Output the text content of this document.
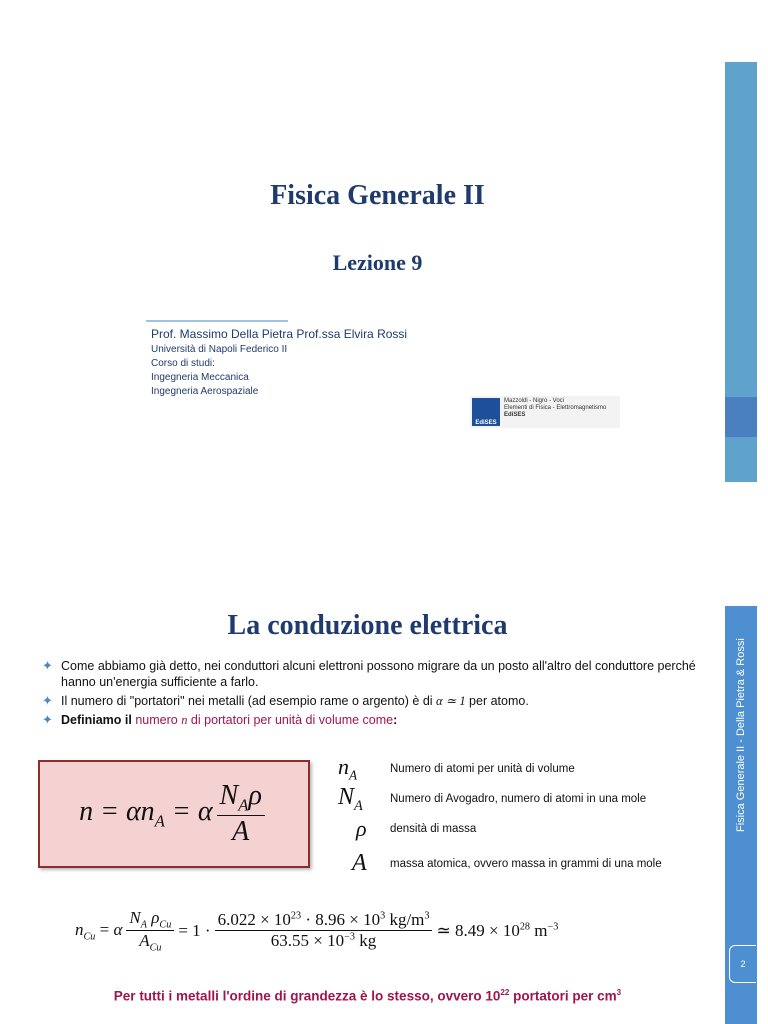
Fisica Generale II
Lezione 9
Prof. Massimo Della Pietra Prof.ssa Elvira Rossi
Università di Napoli Federico II
Corso di studi:
Ingegneria Meccanica
Ingegneria Aerospaziale
EdiSES
Mazzoldi - Nigro - Voci
Elementi di Fisica - Elettromagnetismo
EdiSES
Fisica Generale II - Della Pietra & Rossi
2
La conduzione elettrica
✦ Come abbiamo già detto, nei conduttori alcuni elettroni possono migrare da un posto all'altro del conduttore perché hanno un'energia sufficiente a farlo.
✦ Il numero di "portatori" nei metalli (ad esempio rame o argento) è di α ≃ 1 per atomo.
✦ Definiamo il numero n di portatori per unità di volume come:
$n = \alpha n_A = \alpha \frac{N_A\rho}{A}$
$n_A$	Numero di atomi per unità di volume
$N_A$	Numero di Avogadro, numero di atomi in una mole
ρ	densità di massa
A	massa atomica, ovvero massa in grammi di una mole
$n_{Cu} = \alpha \frac{N_A \rho_{Cu}}{A_{Cu}} = 1 \cdot \frac{6.022 \times 10^{23} \cdot 8.96 \times 10^3 kg/m^3}{63.55 \times 10^{-3} kg}$ ≃ $8.49 \times 10^{28}$ $m^{-3}$
Per tutti i metalli l'ordine di grandezza è lo stesso, ovvero $10^{22}$ portatori per $cm^3$
